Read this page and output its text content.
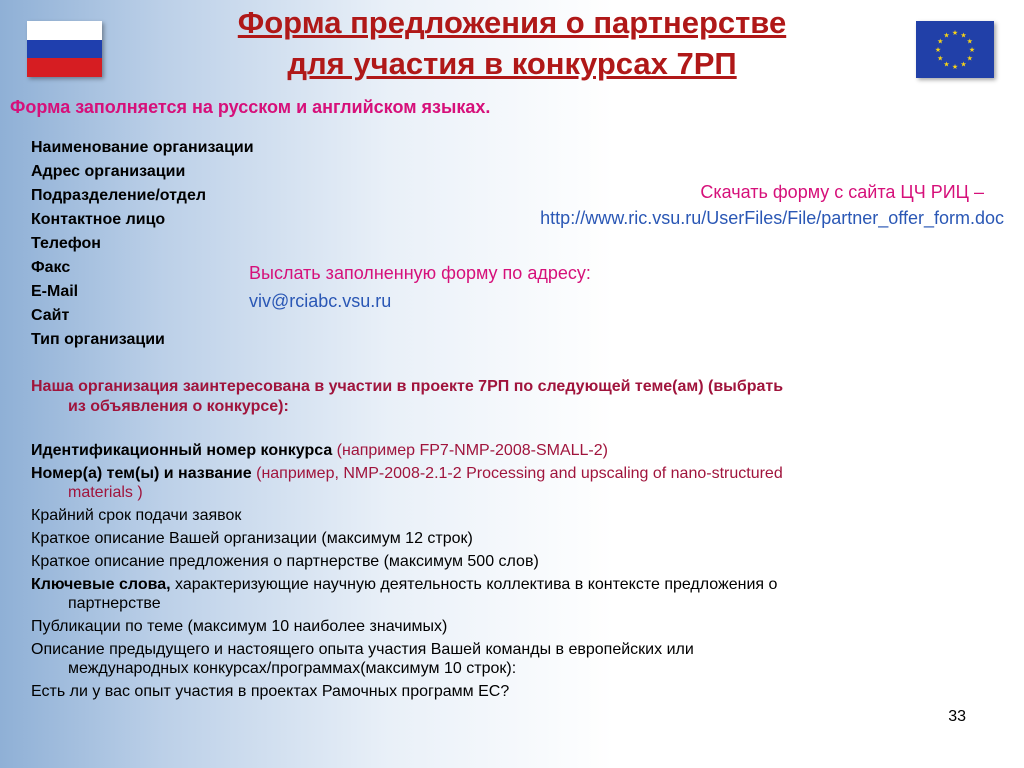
★ ★
★
★
★
★
★
★
★
★
★
★
Форма предложения о партнерстве
для участия в конкурсах 7РП
Форма заполняется на русском и английском языках.
Наименование организации
Адрес организации
Подразделение/отдел
Контактное лицо
Телефон
Факс
E-Mail
Сайт
Тип организации
Скачать форму с сайта ЦЧ РИЦ –
http://www.ric.vsu.ru/UserFiles/File/partner_offer_form.doc
Выслать заполненную форму по адресу:
viv@rciabc.vsu.ru
Наша организация заинтересована в участии в проекте 7РП по следующей теме(ам) (выбрать
из объявления о конкурсе):
Идентификационный номер конкурса (например FP7-NMP-2008-SMALL-2)
Номер(а) тем(ы) и название (например, NMP-2008-2.1-2 Processing and upscaling of nano-structured
materials )
Крайний срок подачи заявок
Краткое описание Вашей организации (максимум 12 строк)
Краткое описание предложения о партнерстве (максимум 500 слов)
Ключевые слова, характеризующие научную деятельность коллектива в контексте предложения о
партнерстве
Публикации по теме (максимум 10 наиболее значимых)
Описание предыдущего и настоящего опыта участия Вашей команды в европейских или
международных конкурсах/программах(максимум 10 строк):
Есть ли у вас опыт участия в проектах Рамочных программ ЕС?
33
